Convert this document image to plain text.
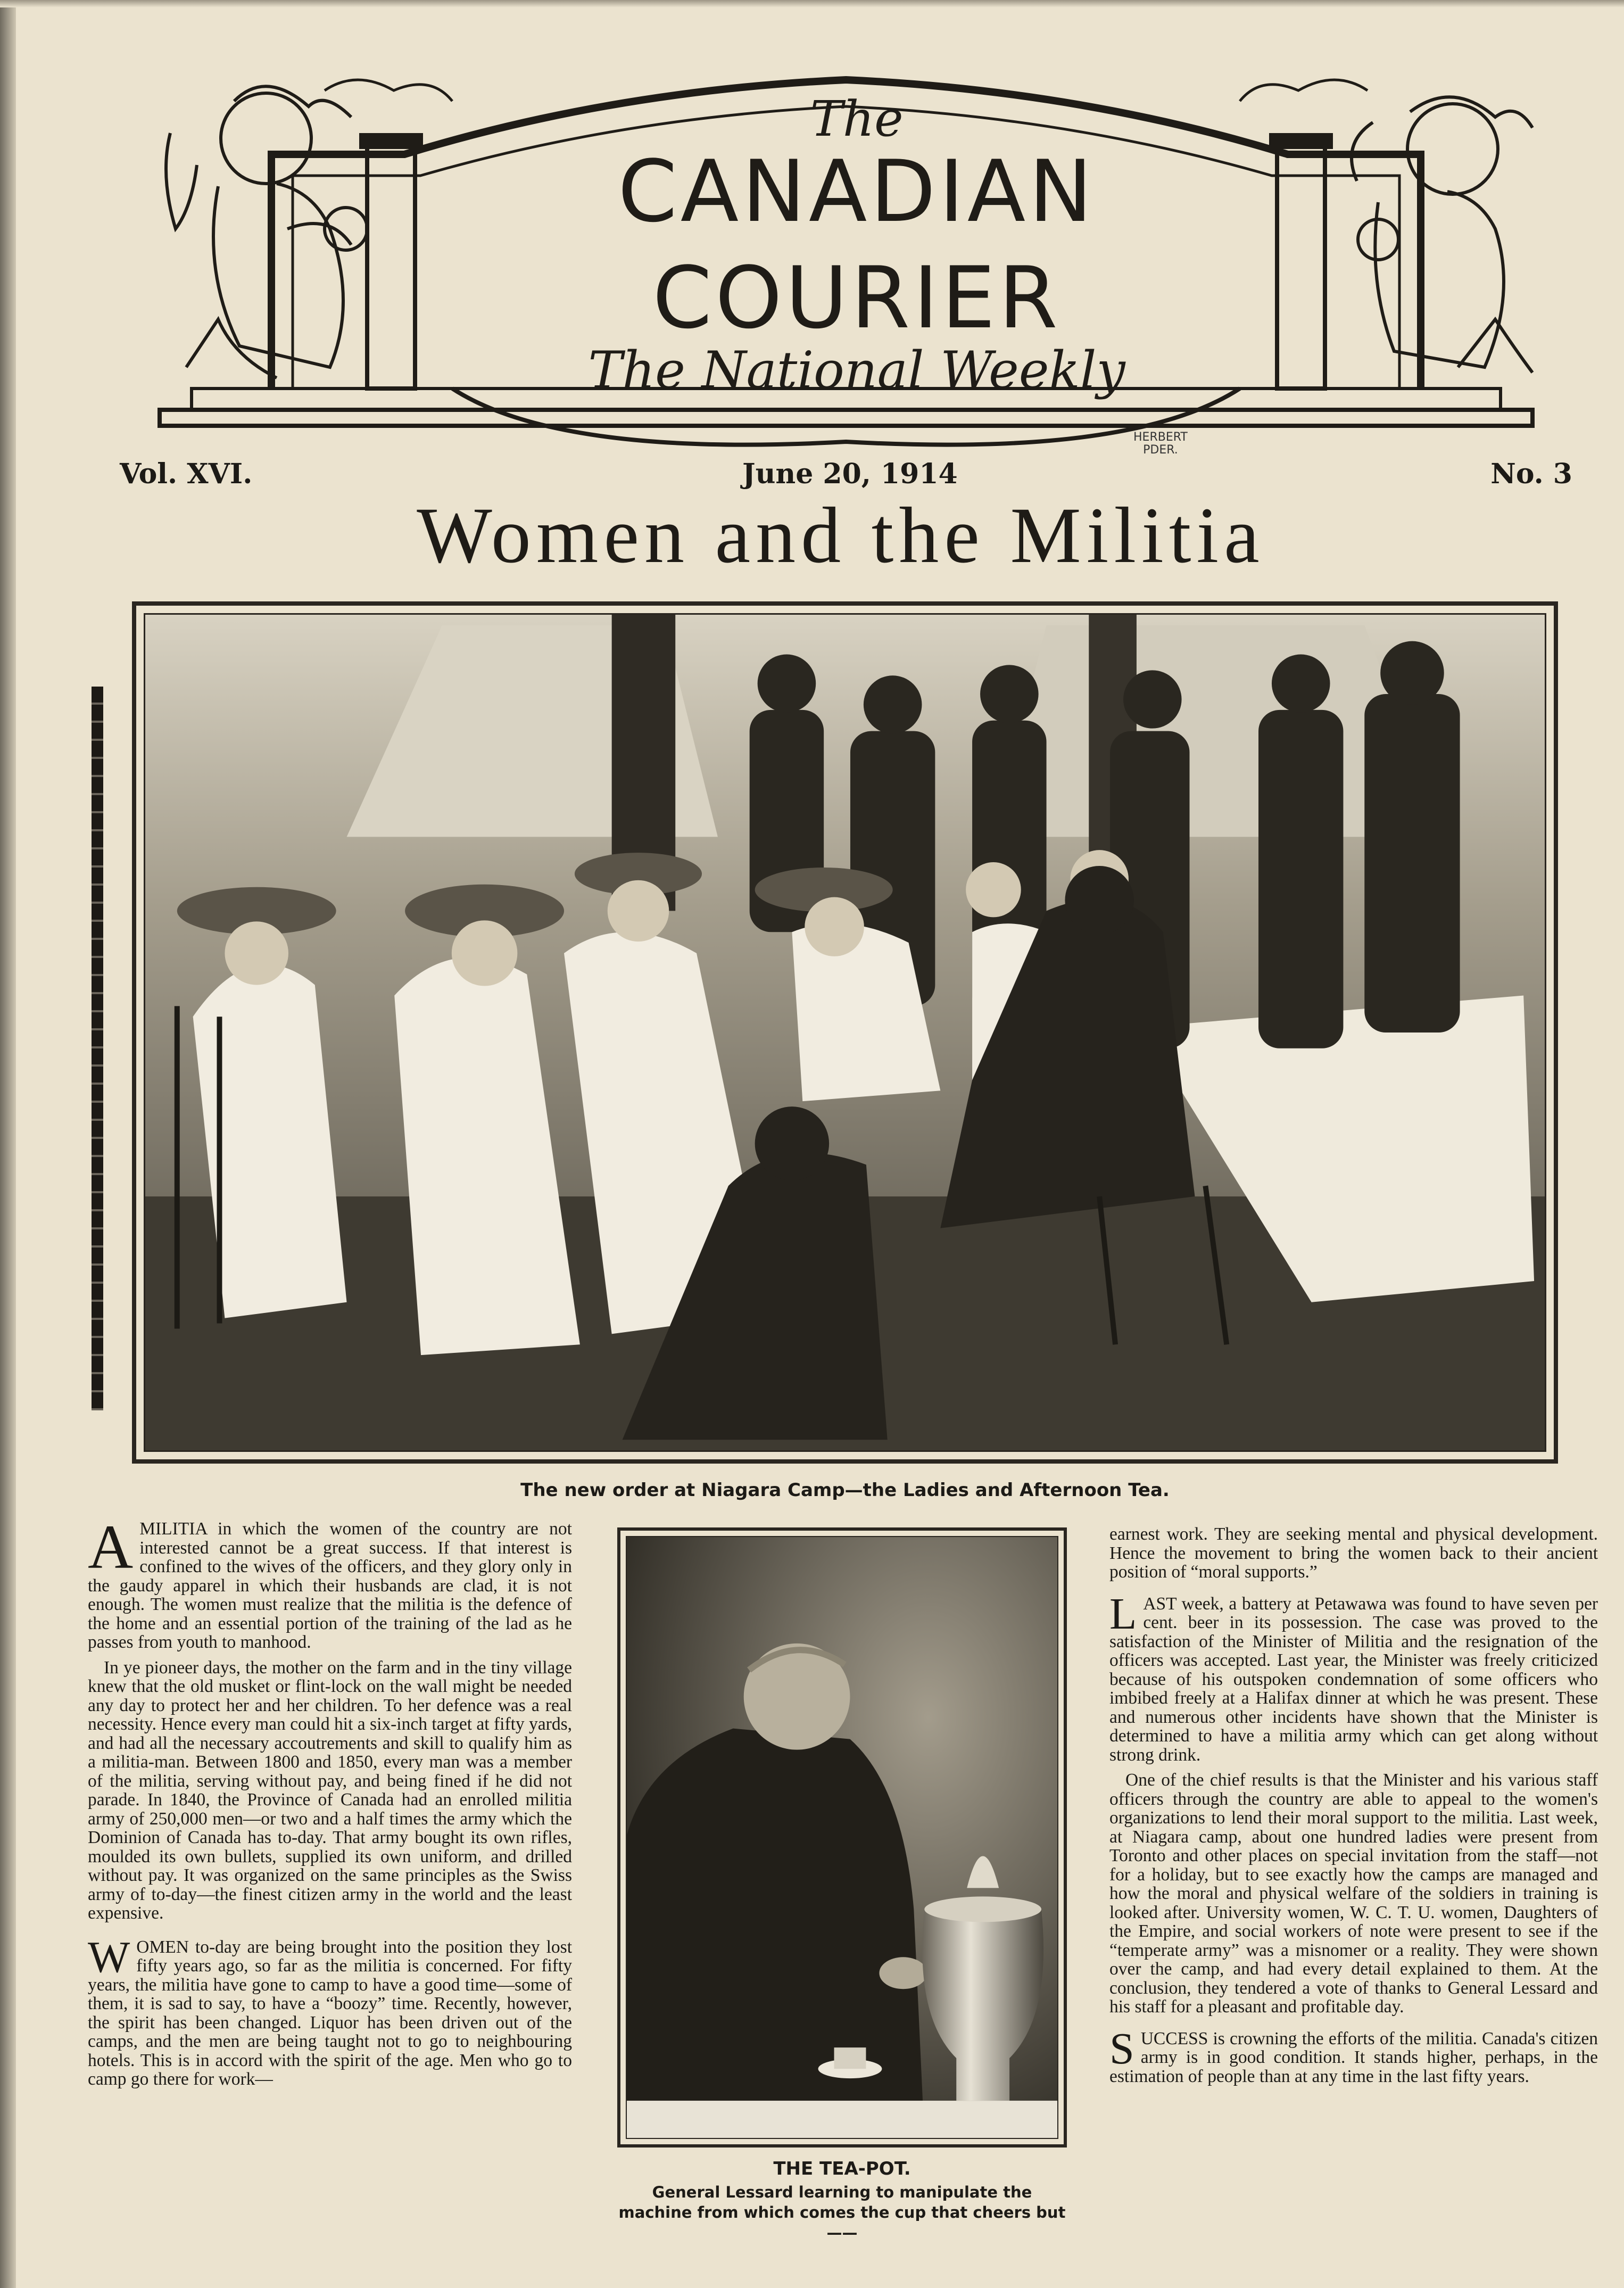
The
CANADIAN
COURIER
The National Weekly
HERBERT
PDER.
Vol. XVI.	June 20, 1914	No. 3
Women and the Militia
The new order at Niagara Camp—the Ladies and Afternoon Tea.

AMILITIA in which the women of the country are not interested cannot be a great success. If that interest is confined to the wives of the officers, and they glory only in the gaudy apparel in which their husbands are clad, it is not enough. The women must realize that the militia is the defence of the home and an essential portion of the training of the lad as he passes from youth to manhood.

In ye pioneer days, the mother on the farm and in the tiny village knew that the old musket or flint-lock on the wall might be needed any day to protect her and her children. To her defence was a real necessity. Hence every man could hit a six-inch target at fifty yards, and had all the necessary accoutrements and skill to qualify him as a militia-man. Between 1800 and 1850, every man was a member of the militia, serving without pay, and being fined if he did not parade. In 1840, the Province of Canada had an enrolled militia army of 250,000 men—or two and a half times the army which the Dominion of Canada has to-day. That army bought its own rifles, moulded its own bullets, supplied its own uniform, and drilled without pay. It was organized on the same principles as the Swiss army of to-day—the finest citizen army in the world and the least expensive.

WOMEN to-day are being brought into the position they lost fifty years ago, so far as the militia is concerned. For fifty years, the militia have gone to camp to have a good time—some of them, it is sad to say, to have a “boozy” time. Recently, however, the spirit has been changed. Liquor has been driven out of the camps, and the men are being taught not to go to neighbouring hotels. This is in accord with the spirit of the age. Men who go to camp go there for work—

THE TEA-POT.
General Lessard learning to manipulate the machine from which comes the cup that cheers but——

earnest work. They are seeking mental and physical development. Hence the movement to bring the women back to their ancient position of “moral supports.”

LAST week, a battery at Petawawa was found to have seven per cent. beer in its possession. The case was proved to the satisfaction of the Minister of Militia and the resignation of the officers was accepted. Last year, the Minister was freely criticized because of his outspoken condemnation of some officers who imbibed freely at a Halifax dinner at which he was present. These and numerous other incidents have shown that the Minister is determined to have a militia army which can get along without strong drink.

One of the chief results is that the Minister and his various staff officers through the country are able to appeal to the women's organizations to lend their moral support to the militia. Last week, at Niagara camp, about one hundred ladies were present from Toronto and other places on special invitation from the staff—not for a holiday, but to see exactly how the camps are managed and how the moral and physical welfare of the soldiers in training is looked after. University women, W. C. T. U. women, Daughters of the Empire, and social workers of note were present to see if the “temperate army” was a misnomer or a reality. They were shown over the camp, and had every detail explained to them. At the conclusion, they tendered a vote of thanks to General Lessard and his staff for a pleasant and profitable day.

SUCCESS is crowning the efforts of the militia. Canada's citizen army is in good condition. It stands higher, perhaps, in the estimation of people than at any time in the last fifty years.
